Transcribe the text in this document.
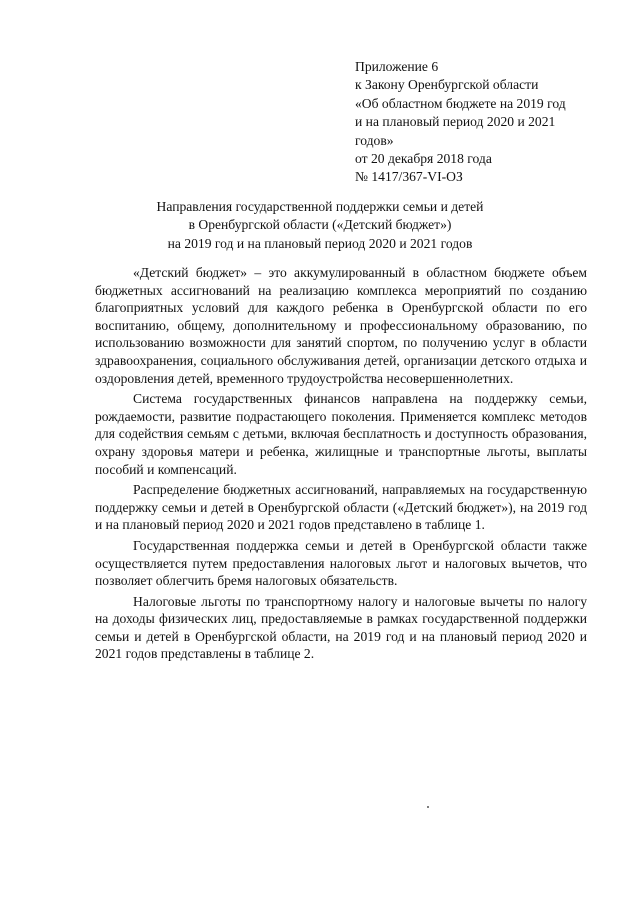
Приложение 6
к Закону Оренбургской области
«Об областном бюджете на 2019 год
и на плановый период 2020 и 2021
годов»
от 20 декабря 2018 года
№ 1417/367-VI-ОЗ
Направления государственной поддержки семьи и детей
в Оренбургской области («Детский бюджет»)
на 2019 год и на плановый период 2020 и 2021 годов

«Детский бюджет» – это аккумулированный в областном бюджете объем бюджетных ассигнований на реализацию комплекса мероприятий по созданию благоприятных условий для каждого ребенка в Оренбургской области по его воспитанию, общему, дополнительному и профессиональному образованию, по использованию возможности для занятий спортом, по получению услуг в области здравоохранения, социального обслуживания детей, организации детского отдыха и оздоровления детей, временного трудоустройства несовершеннолетних.

Система государственных финансов направлена на поддержку семьи, рождаемости, развитие подрастающего поколения. Применяется комплекс методов для содействия семьям с детьми, включая бесплатность и доступность образования, охрану здоровья матери и ребенка, жилищные и транспортные льготы, выплаты пособий и компенсаций.

Распределение бюджетных ассигнований, направляемых на государственную поддержку семьи и детей в Оренбургской области («Детский бюджет»), на 2019 год и на плановый период 2020 и 2021 годов представлено в таблице 1.

Государственная поддержка семьи и детей в Оренбургской области также осуществляется путем предоставления налоговых льгот и налоговых вычетов, что позволяет облегчить бремя налоговых обязательств.

Налоговые льготы по транспортному налогу и налоговые вычеты по налогу на доходы физических лиц, предоставляемые в рамках государственной поддержки семьи и детей в Оренбургской области, на 2019 год и на плановый период 2020 и 2021 годов представлены в таблице 2.
